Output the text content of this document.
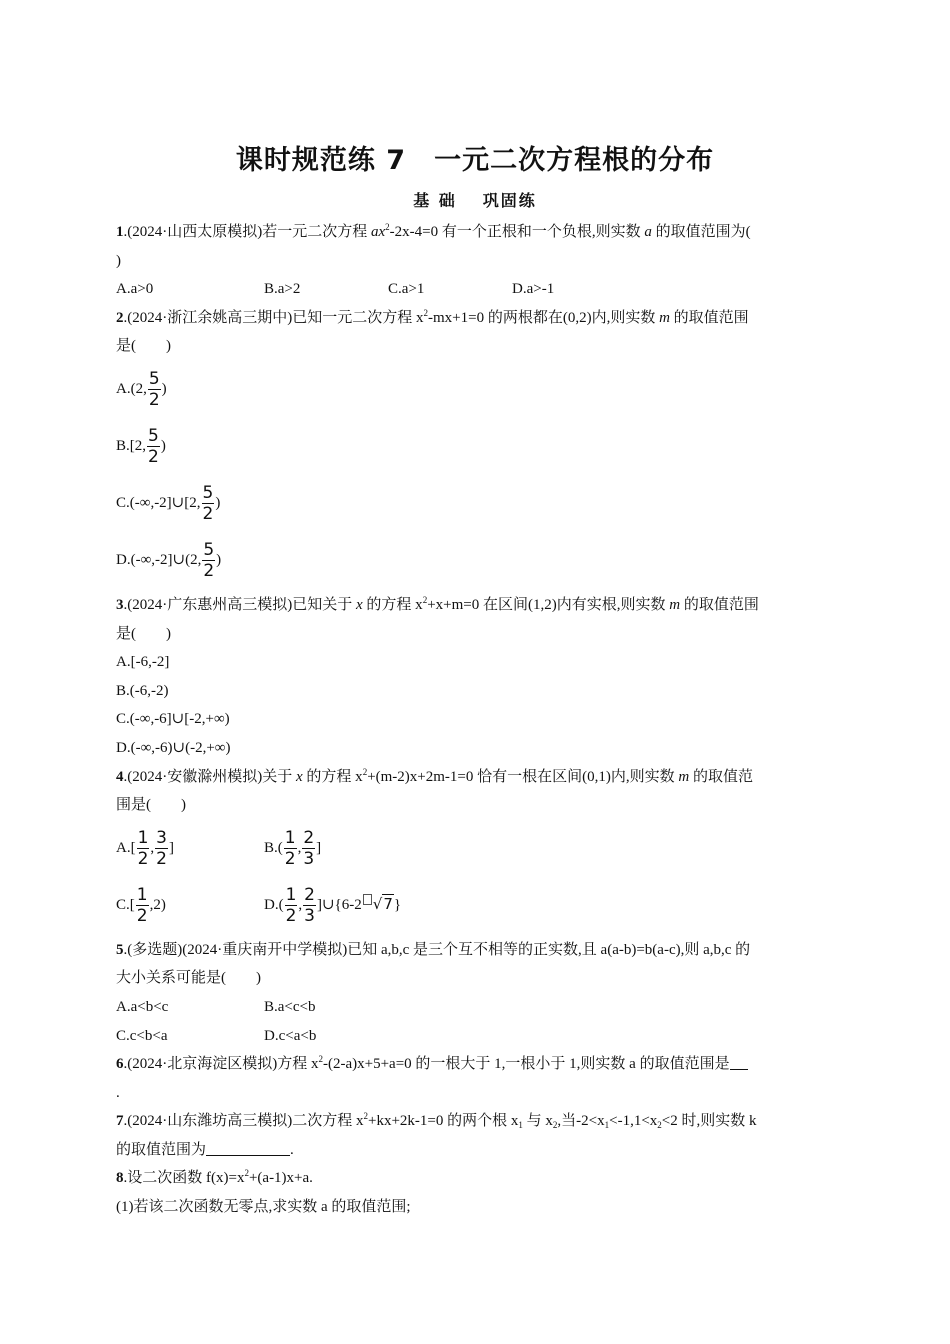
课时规范练 7　一元二次方程根的分布
基 础 巩固练
1.(2024·山西太原模拟)若一元二次方程 $ax^2-2x-4=0$ 有一个正根和一个负根,则实数 a 的取值范围为(
)
A.a>0	B.a>2	C.a>1	D.a>-1
2.(2024·浙江余姚高三期中)已知一元二次方程 $x^2-mx+1=0$ 的两根都在(0,2)内,则实数 m 的取值范围
是(　　)
A.(2, $\frac{5}{2}$ )
B.[2, $\frac{5}{2}$ )
C.(-∞,-2]∪[2, $\frac{5}{2}$ )
D.(-∞,-2]∪(2, $\frac{5}{2}$ )
3.(2024·广东惠州高三模拟)已知关于 x 的方程 $x^2+x+m=0$ 在区间(1,2)内有实根,则实数 m 的取值范围
是(　　)
A.[-6,-2]
B.(-6,-2)
C.(-∞,-6]∪[-2,+∞)
D.(-∞,-6)∪(-2,+∞)
4.(2024·安徽滁州模拟)关于 x 的方程 $x^2+(m-2)x+2m-1=0$ 恰有一根在区间(0,1)内,则实数 m 的取值范
围是(　　)
$A.[ \frac{1}{2}$ , $\frac{3}{2}$ ]	$B.( \frac{1}{2}$ , $\frac{2}{3}$ ]
$C.[ \frac{1}{2} ,2)$	$D.( \frac{1}{2}$ , $\frac{2}{3}$ ]∪{6-2 √7}
5.(多选题)(2024·重庆南开中学模拟)已知 a,b,c 是三个互不相等的正实数,且 a(a-b)=b(a-c),则 a,b,c 的
大小关系可能是(　　)
A.a<b<c	B.a<c<b
C.c<b<a	D.c<a<b
6.(2024·北京海淀区模拟)方程 $x^2-(2-a)x+5+a=0$ 的一根大于 1,一根小于 1,则实数 a 的取值范围是
.
7.(2024·山东潍坊高三模拟)二次方程 $x^2+kx+2k-1=0$ 的两个根 $x_1$ 与 $x_2$,当$-2<x_1<-1,1<x_2<2$ 时,则实数 k
的取值范围为	.
8.设二次函数 $f(x)=x^2+(a-1)x+a$.
(1)若该二次函数无零点,求实数 a 的取值范围;
